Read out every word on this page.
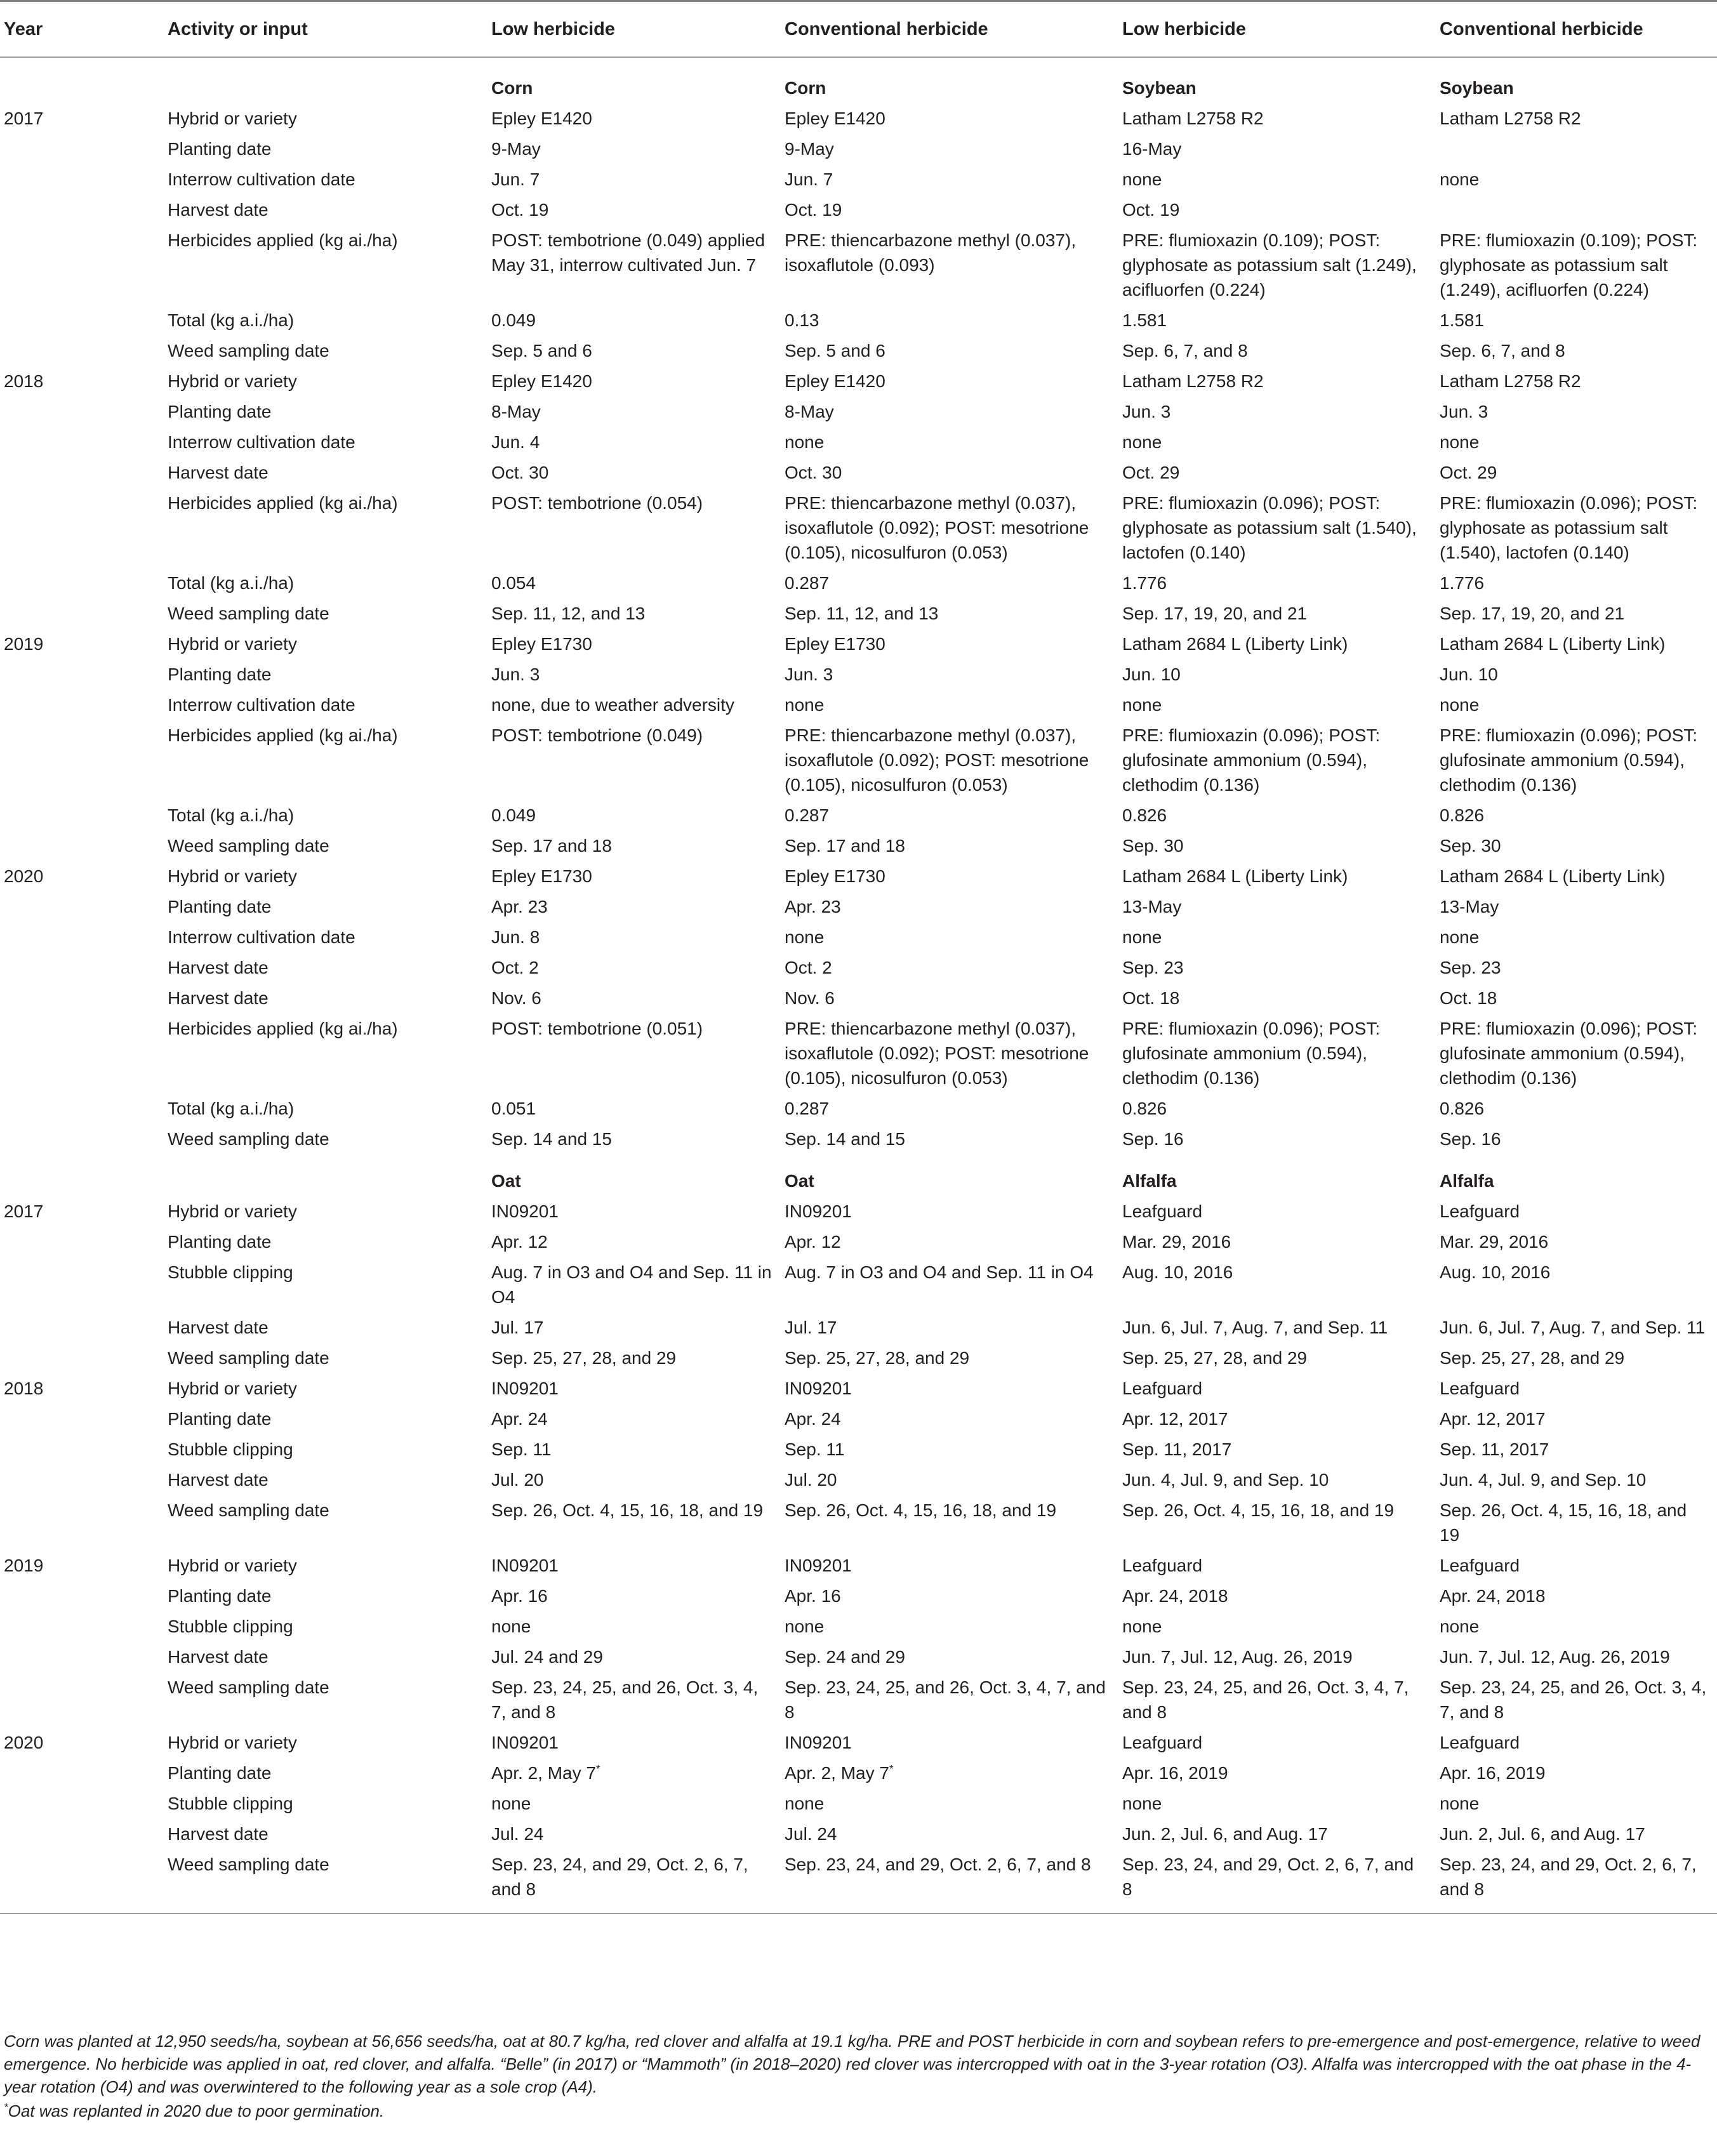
Year	Activity or input	Low herbicide	Conventional herbicide	Low herbicide	Conventional herbicide
		Corn	Corn	Soybean	Soybean
2017	Hybrid or variety	Epley E1420	Epley E1420	Latham L2758 R2	Latham L2758 R2
	Planting date	9-May	9-May	16-May	
	Interrow cultivation date	Jun. 7	Jun. 7	none	none
	Harvest date	Oct. 19	Oct. 19	Oct. 19	
	Herbicides applied (kg ai./ha)	POST: tembotrione (0.049) applied May 31, interrow cultivated Jun. 7	PRE: thiencarbazone methyl (0.037), isoxaflutole (0.093)	PRE: flumioxazin (0.109); POST: glyphosate as potassium salt (1.249), acifluorfen (0.224)	PRE: flumioxazin (0.109); POST: glyphosate as potassium salt (1.249), acifluorfen (0.224)
	Total (kg a.i./ha)	0.049	0.13	1.581	1.581
	Weed sampling date	Sep. 5 and 6	Sep. 5 and 6	Sep. 6, 7, and 8	Sep. 6, 7, and 8
2018	Hybrid or variety	Epley E1420	Epley E1420	Latham L2758 R2	Latham L2758 R2
	Planting date	8-May	8-May	Jun. 3	Jun. 3
	Interrow cultivation date	Jun. 4	none	none	none
	Harvest date	Oct. 30	Oct. 30	Oct. 29	Oct. 29
	Herbicides applied (kg ai./ha)	POST: tembotrione (0.054)	PRE: thiencarbazone methyl (0.037), isoxaflutole (0.092); POST: mesotrione (0.105), nicosulfuron (0.053)	PRE: flumioxazin (0.096); POST: glyphosate as potassium salt (1.540), lactofen (0.140)	PRE: flumioxazin (0.096); POST: glyphosate as potassium salt (1.540), lactofen (0.140)
	Total (kg a.i./ha)	0.054	0.287	1.776	1.776
	Weed sampling date	Sep. 11, 12, and 13	Sep. 11, 12, and 13	Sep. 17, 19, 20, and 21	Sep. 17, 19, 20, and 21
2019	Hybrid or variety	Epley E1730	Epley E1730	Latham 2684 L (Liberty Link)	Latham 2684 L (Liberty Link)
	Planting date	Jun. 3	Jun. 3	Jun. 10	Jun. 10
	Interrow cultivation date	none, due to weather adversity	none	none	none
	Herbicides applied (kg ai./ha)	POST: tembotrione (0.049)	PRE: thiencarbazone methyl (0.037), isoxaflutole (0.092); POST: mesotrione (0.105), nicosulfuron (0.053)	PRE: flumioxazin (0.096); POST: glufosinate ammonium (0.594), clethodim (0.136)	PRE: flumioxazin (0.096); POST: glufosinate ammonium (0.594), clethodim (0.136)
	Total (kg a.i./ha)	0.049	0.287	0.826	0.826
	Weed sampling date	Sep. 17 and 18	Sep. 17 and 18	Sep. 30	Sep. 30
2020	Hybrid or variety	Epley E1730	Epley E1730	Latham 2684 L (Liberty Link)	Latham 2684 L (Liberty Link)
	Planting date	Apr. 23	Apr. 23	13-May	13-May
	Interrow cultivation date	Jun. 8	none	none	none
	Harvest date	Oct. 2	Oct. 2	Sep. 23	Sep. 23
	Harvest date	Nov. 6	Nov. 6	Oct. 18	Oct. 18
	Herbicides applied (kg ai./ha)	POST: tembotrione (0.051)	PRE: thiencarbazone methyl (0.037), isoxaflutole (0.092); POST: mesotrione (0.105), nicosulfuron (0.053)	PRE: flumioxazin (0.096); POST: glufosinate ammonium (0.594), clethodim (0.136)	PRE: flumioxazin (0.096); POST: glufosinate ammonium (0.594), clethodim (0.136)
	Total (kg a.i./ha)	0.051	0.287	0.826	0.826
	Weed sampling date	Sep. 14 and 15	Sep. 14 and 15	Sep. 16	Sep. 16
		Oat	Oat	Alfalfa	Alfalfa
2017	Hybrid or variety	IN09201	IN09201	Leafguard	Leafguard
	Planting date	Apr. 12	Apr. 12	Mar. 29, 2016	Mar. 29, 2016
	Stubble clipping	Aug. 7 in O3 and O4 and Sep. 11 in O4	Aug. 7 in O3 and O4 and Sep. 11 in O4	Aug. 10, 2016	Aug. 10, 2016
	Harvest date	Jul. 17	Jul. 17	Jun. 6, Jul. 7, Aug. 7, and Sep. 11	Jun. 6, Jul. 7, Aug. 7, and Sep. 11
	Weed sampling date	Sep. 25, 27, 28, and 29	Sep. 25, 27, 28, and 29	Sep. 25, 27, 28, and 29	Sep. 25, 27, 28, and 29
2018	Hybrid or variety	IN09201	IN09201	Leafguard	Leafguard
	Planting date	Apr. 24	Apr. 24	Apr. 12, 2017	Apr. 12, 2017
	Stubble clipping	Sep. 11	Sep. 11	Sep. 11, 2017	Sep. 11, 2017
	Harvest date	Jul. 20	Jul. 20	Jun. 4, Jul. 9, and Sep. 10	Jun. 4, Jul. 9, and Sep. 10
	Weed sampling date	Sep. 26, Oct. 4, 15, 16, 18, and 19	Sep. 26, Oct. 4, 15, 16, 18, and 19	Sep. 26, Oct. 4, 15, 16, 18, and 19	Sep. 26, Oct. 4, 15, 16, 18, and 19
2019	Hybrid or variety	IN09201	IN09201	Leafguard	Leafguard
	Planting date	Apr. 16	Apr. 16	Apr. 24, 2018	Apr. 24, 2018
	Stubble clipping	none	none	none	none
	Harvest date	Jul. 24 and 29	Sep. 24 and 29	Jun. 7, Jul. 12, Aug. 26, 2019	Jun. 7, Jul. 12, Aug. 26, 2019
	Weed sampling date	Sep. 23, 24, 25, and 26, Oct. 3, 4, 7, and 8	Sep. 23, 24, 25, and 26, Oct. 3, 4, 7, and 8	Sep. 23, 24, 25, and 26, Oct. 3, 4, 7, and 8	Sep. 23, 24, 25, and 26, Oct. 3, 4, 7, and 8
2020	Hybrid or variety	IN09201	IN09201	Leafguard	Leafguard
	Planting date	Apr. 2, May 7*	Apr. 2, May 7*	Apr. 16, 2019	Apr. 16, 2019
	Stubble clipping	none	none	none	none
	Harvest date	Jul. 24	Jul. 24	Jun. 2, Jul. 6, and Aug. 17	Jun. 2, Jul. 6, and Aug. 17
	Weed sampling date	Sep. 23, 24, and 29, Oct. 2, 6, 7, and 8	Sep. 23, 24, and 29, Oct. 2, 6, 7, and 8	Sep. 23, 24, and 29, Oct. 2, 6, 7, and 8	Sep. 23, 24, and 29, Oct. 2, 6, 7, and 8

Corn was planted at 12,950 seeds/ha, soybean at 56,656 seeds/ha, oat at 80.7 kg/ha, red clover and alfalfa at 19.1 kg/ha. PRE and POST herbicide in corn and soybean refers to pre-emergence and post-emergence, relative to weed emergence. No herbicide was applied in oat, red clover, and alfalfa. “Belle” (in 2017) or “Mammoth” (in 2018–2020) red clover was intercropped with oat in the 3-year rotation (O3). Alfalfa was intercropped with the oat phase in the 4-year rotation (O4) and was overwintered to the following year as a sole crop (A4).

*Oat was replanted in 2020 due to poor germination.
